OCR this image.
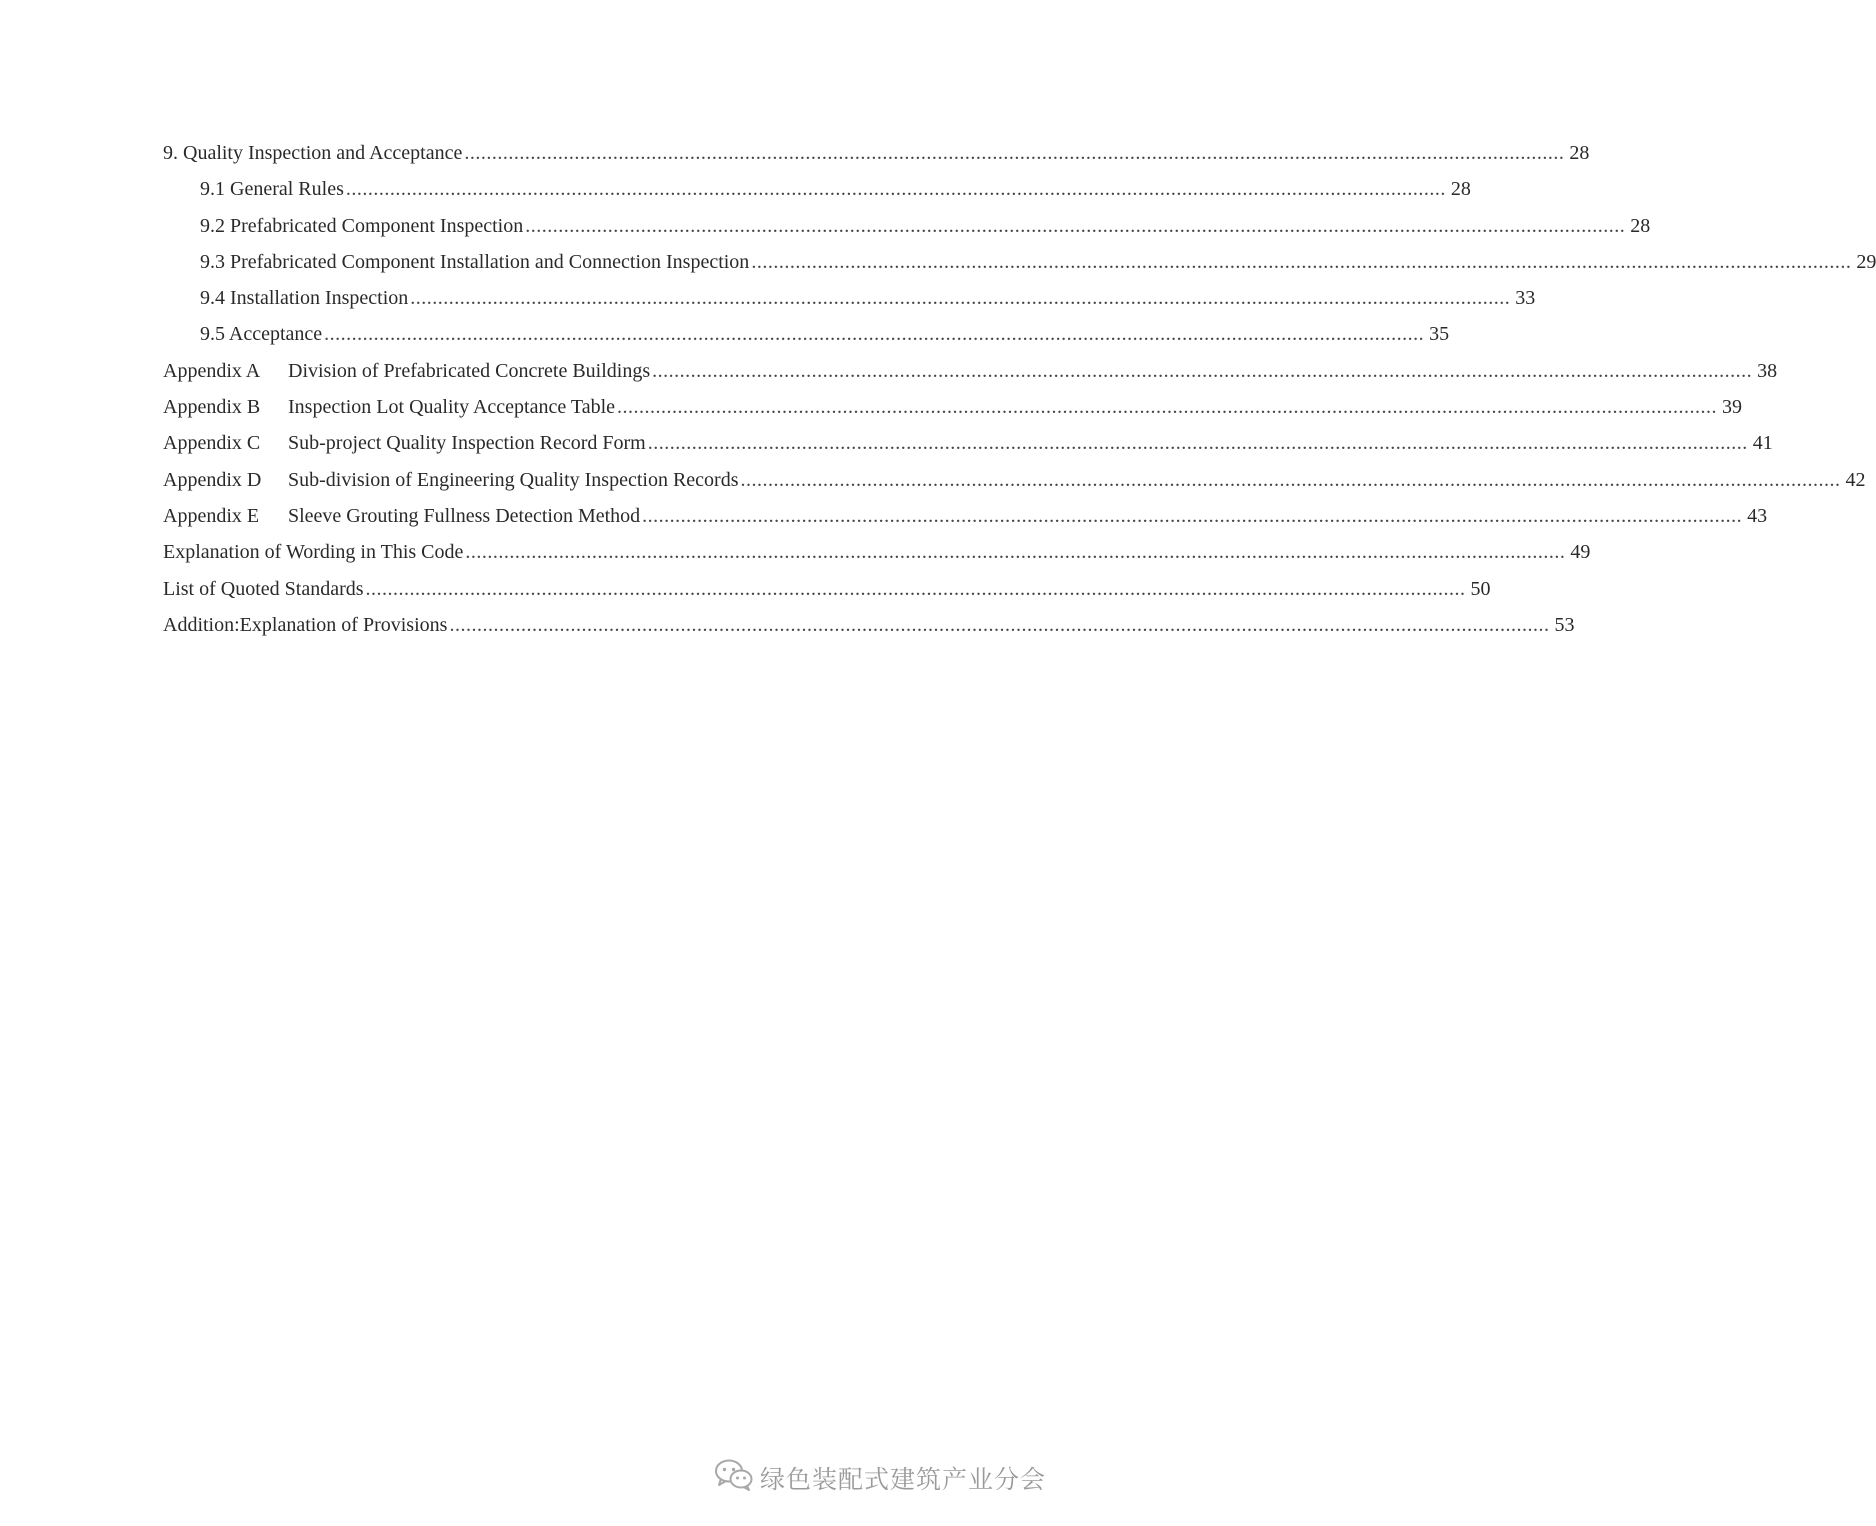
9. Quality Inspection and Acceptance ........................................................................................................................................................................................................ 28
9.1 General Rules ........................................................................................................................................................................................................ 28
9.2 Prefabricated Component Inspection ........................................................................................................................................................................................................ 28
9.3 Prefabricated Component Installation and Connection Inspection ........................................................................................................................................................................................................ 29
9.4 Installation Inspection ........................................................................................................................................................................................................ 33
9.5 Acceptance ........................................................................................................................................................................................................ 35
Appendix A Division of Prefabricated Concrete Buildings ........................................................................................................................................................................................................ 38
Appendix B Inspection Lot Quality Acceptance Table ........................................................................................................................................................................................................ 39
Appendix C Sub-project Quality Inspection Record Form ........................................................................................................................................................................................................ 41
Appendix D Sub-division of Engineering Quality Inspection Records ........................................................................................................................................................................................................ 42
Appendix E Sleeve Grouting Fullness Detection Method ........................................................................................................................................................................................................ 43
Explanation of Wording in This Code ........................................................................................................................................................................................................ 49
List of Quoted Standards ........................................................................................................................................................................................................ 50
Addition:Explanation of Provisions ........................................................................................................................................................................................................ 53
绿色装配式建筑产业分会
